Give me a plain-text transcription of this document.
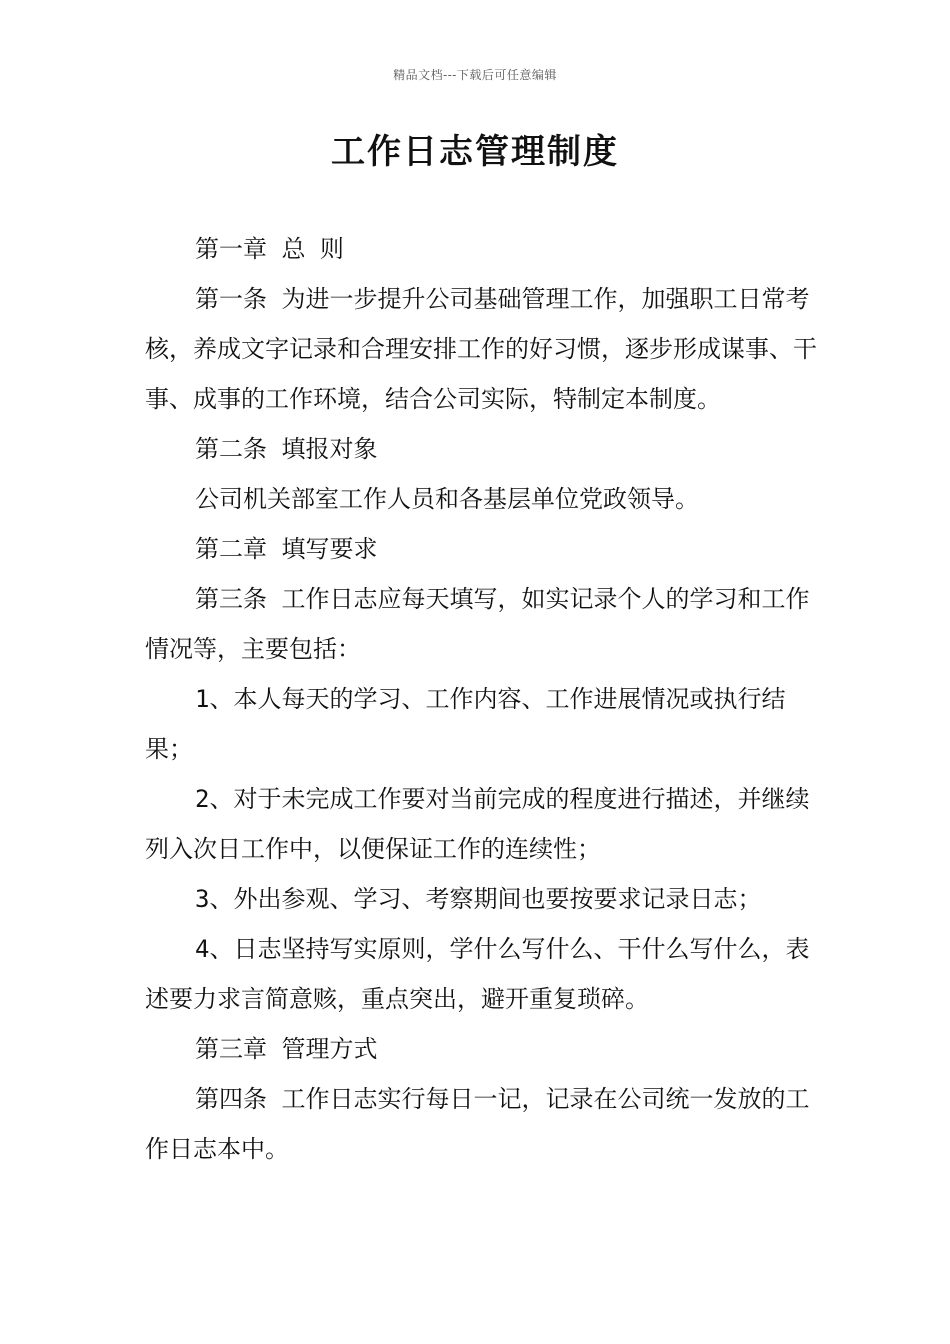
精品文档---下载后可任意编辑
工作日志管理制度

第一章 总 则

第一条 为进一步提升公司基础管理工作，加强职工日常考核，养成文字记录和合理安排工作的好习惯，逐步形成谋事、干事、成事的工作环境，结合公司实际，特制定本制度。

第二条 填报对象

公司机关部室工作人员和各基层单位党政领导。

第二章 填写要求

第三条 工作日志应每天填写，如实记录个人的学习和工作情况等，主要包括：

1、本人每天的学习、工作内容、工作进展情况或执行结果；

2、对于未完成工作要对当前完成的程度进行描述，并继续列入次日工作中，以便保证工作的连续性；

3、外出参观、学习、考察期间也要按要求记录日志；

4、日志坚持写实原则，学什么写什么、干什么写什么，表述要力求言简意赅，重点突出，避开重复琐碎。

第三章 管理方式

第四条 工作日志实行每日一记，记录在公司统一发放的工作日志本中。
